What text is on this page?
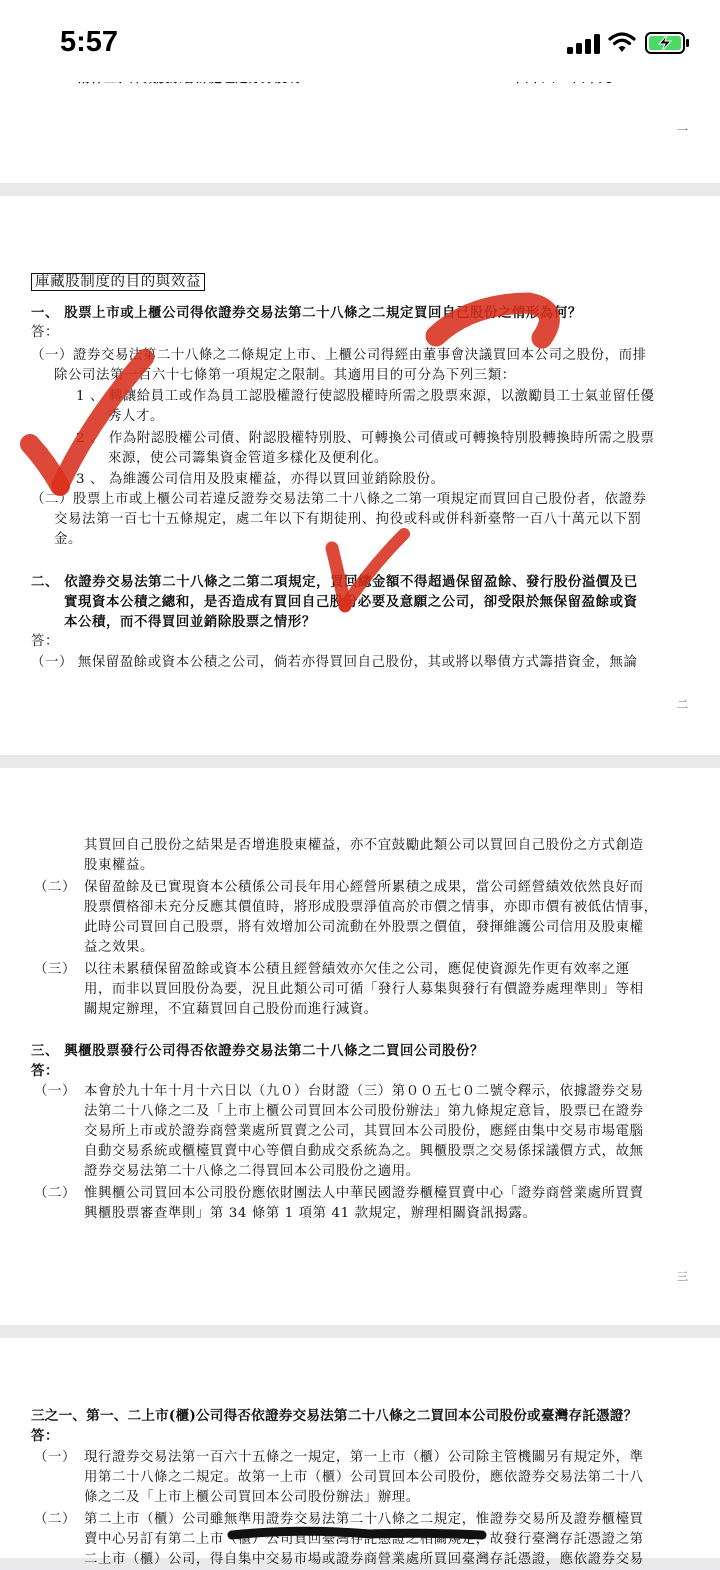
5:57
一
庫藏股制度的目的與效益
一、 股票上市或上櫃公司得依證券交易法第二十八條之二規定買回自己股份之情形為何？
答：
（一）證券交易法第二十八條之二條規定上市、上櫃公司得經由董事會決議買回本公司之股份，而排
除公司法第一百六十七條第一項規定之限制。其適用目的可分為下列三類：
1 、 轉讓給員工或作為員工認股權證行使認股權時所需之股票來源，以激勵員工士氣並留任優
秀人才。
2 、 作為附認股權公司債、附認股權特別股、可轉換公司債或可轉換特別股轉換時所需之股票
來源，使公司籌集資金管道多樣化及便利化。
3 、 為維護公司信用及股東權益，亦得以買回並銷除股份。
（二）股票上市或上櫃公司若違反證券交易法第二十八條之二第一項規定而買回自己股份者，依證券
交易法第一百七十五條規定，處二年以下有期徒刑、拘役或科或併科新臺幣一百八十萬元以下罰
金。
二、 依證券交易法第二十八條之二第二項規定，買回總金額不得超過保留盈餘、發行股份溢價及已
實現資本公積之總和，是否造成有買回自己股份必要及意願之公司，卻受限於無保留盈餘或資
本公積，而不得買回並銷除股票之情形？
答：
（一） 無保留盈餘或資本公積之公司，倘若亦得買回自己股份，其或將以舉債方式籌措資金，無論
二
其買回自己股份之結果是否增進股東權益，亦不宜鼓勵此類公司以買回自己股份之方式創造
股東權益。
（二） 保留盈餘及已實現資本公積係公司長年用心經營所累積之成果，當公司經營績效依然良好而
股票價格卻未充分反應其價值時，將形成股票淨值高於市價之情事，亦即市價有被低估情事，
此時公司買回自己股票，將有效增加公司流動在外股票之價值，發揮維護公司信用及股東權
益之效果。
（三） 以往未累積保留盈餘或資本公積且經營績效亦欠佳之公司，應促使資源先作更有效率之運
用，而非以買回股份為要，況且此類公司可循「發行人募集與發行有價證券處理準則」等相
關規定辦理，不宜藉買回自己股份而進行減資。
三、 興櫃股票發行公司得否依證券交易法第二十八條之二買回公司股份？
答：
（一） 本會於九十年十月十六日以（九０）台財證（三）第００五七０二號令釋示，依據證券交易
法第二十八條之二及「上市上櫃公司買回本公司股份辦法」第九條規定意旨，股票已在證券
交易所上市或於證券商營業處所買賣之公司，其買回本公司股份，應經由集中交易市場電腦
自動交易系統或櫃檯買賣中心等價自動成交系統為之。興櫃股票之交易係採議價方式，故無
證券交易法第二十八條之二得買回本公司股份之適用。
（二） 惟興櫃公司買回本公司股份應依財團法人中華民國證券櫃檯買賣中心「證券商營業處所買賣
興櫃股票審查準則」第 34 條第 1 項第 41 款規定，辦理相關資訊揭露。
三
三之一、第一、二上市(櫃)公司得否依證券交易法第二十八條之二買回本公司股份或臺灣存託憑證？
答：
（一） 現行證券交易法第一百六十五條之一規定，第一上市（櫃）公司除主管機關另有規定外，準
用第二十八條之二規定。故第一上市（櫃）公司買回本公司股份，應依證券交易法第二十八
條之二及「上市上櫃公司買回本公司股份辦法」辦理。
（二） 第二上市（櫃）公司雖無準用證券交易法第二十八條之二規定，惟證券交易所及證券櫃檯買
賣中心另訂有第二上市（櫃）公司買回臺灣存託憑證之相關規定，故發行臺灣存託憑證之第
二上市（櫃）公司，得自集中交易市場或證券商營業處所買回臺灣存託憑證，應依證券交易
